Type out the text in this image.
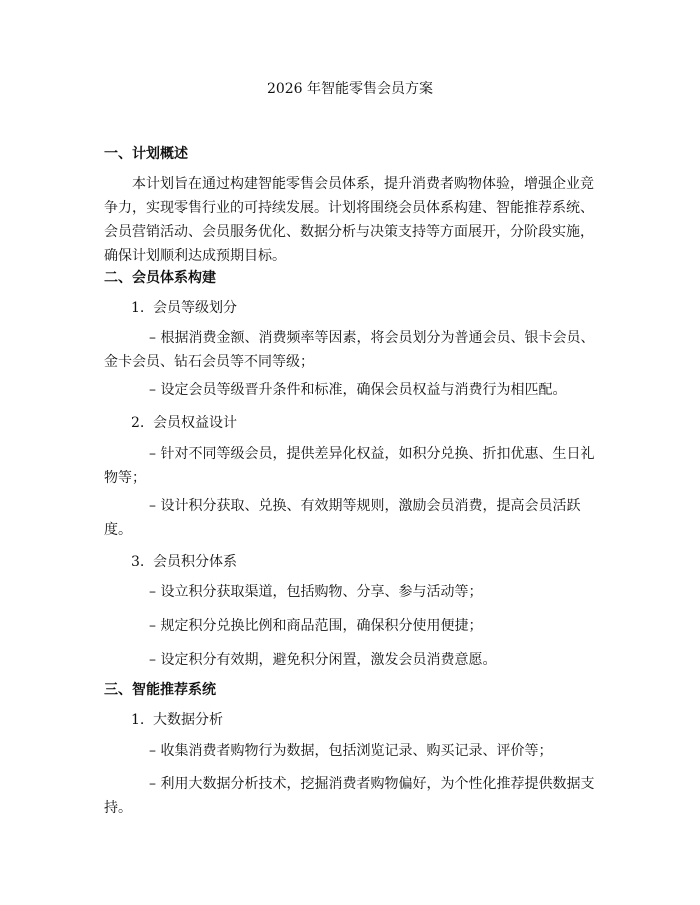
2026 年智能零售会员方案
一、计划概述
本计划旨在通过构建智能零售会员体系，提升消费者购物体验，增强企业竞争力，实现零售行业的可持续发展。计划将围绕会员体系构建、智能推荐系统、会员营销活动、会员服务优化、数据分析与决策支持等方面展开，分阶段实施，确保计划顺利达成预期目标。
二、会员体系构建
1. 会员等级划分
– 根据消费金额、消费频率等因素，将会员划分为普通会员、银卡会员、金卡会员、钻石会员等不同等级；
– 设定会员等级晋升条件和标准，确保会员权益与消费行为相匹配。
2. 会员权益设计
– 针对不同等级会员，提供差异化权益，如积分兑换、折扣优惠、生日礼物等；
– 设计积分获取、兑换、有效期等规则，激励会员消费，提高会员活跃度。
3. 会员积分体系
– 设立积分获取渠道，包括购物、分享、参与活动等；
– 规定积分兑换比例和商品范围，确保积分使用便捷；
– 设定积分有效期，避免积分闲置，激发会员消费意愿。
三、智能推荐系统
1. 大数据分析
– 收集消费者购物行为数据，包括浏览记录、购买记录、评价等；
– 利用大数据分析技术，挖掘消费者购物偏好，为个性化推荐提供数据支持。
